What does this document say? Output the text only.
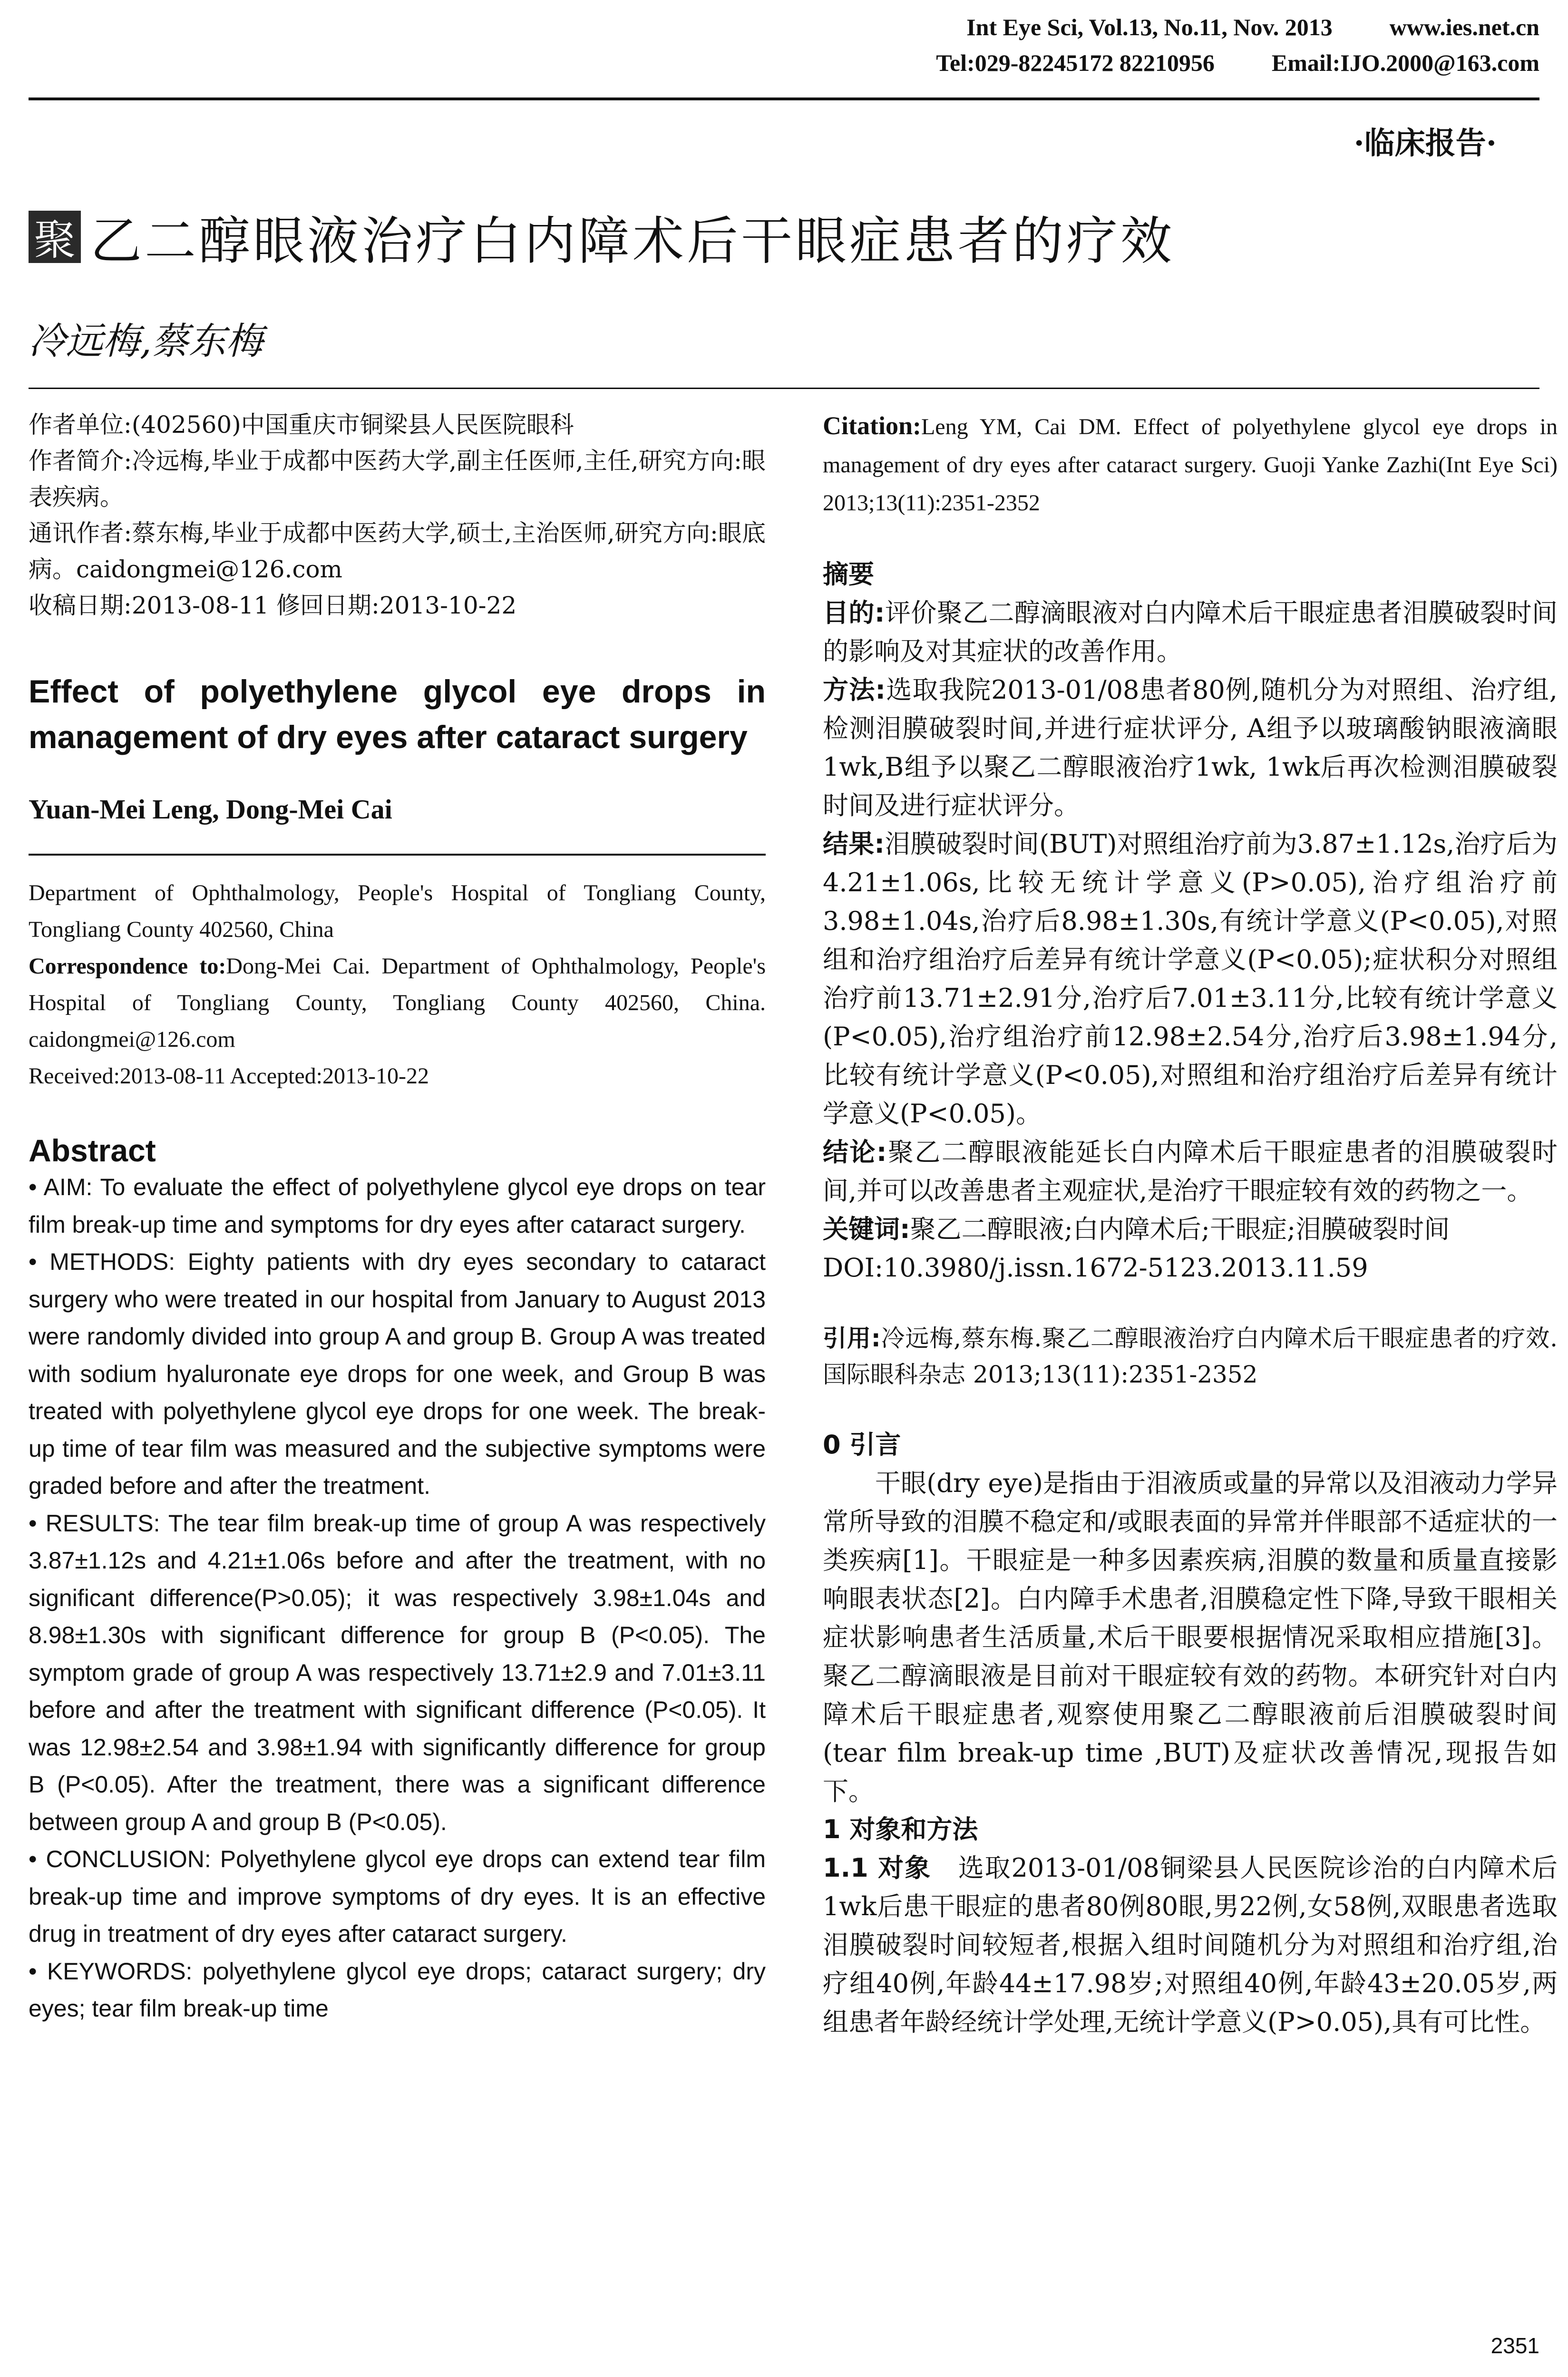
Int Eye Sci, Vol.13, No.11, Nov. 2013 www.ies.net.cn
Tel:029-82245172 82210956 Email:IJO.2000@163.com
·临床报告·
聚 乙二醇眼液治疗白内障术后干眼症患者的疗效
冷远梅,蔡东梅

作者单位:(402560)中国重庆市铜梁县人民医院眼科

作者简介:冷远梅,毕业于成都中医药大学,副主任医师,主任,研究方向:眼表疾病。

通讯作者:蔡东梅,毕业于成都中医药大学,硕士,主治医师,研究方向:眼底病。caidongmei@126.com

收稿日期:2013-08-11 修回日期:2013-10-22

Effect of polyethylene glycol eye drops in management of dry eyes after cataract surgery
Yuan-Mei Leng, Dong-Mei Cai

Department of Ophthalmology, People's Hospital of Tongliang County, Tongliang County 402560, China

Correspondence to:Dong-Mei Cai. Department of Ophthalmology, People's Hospital of Tongliang County, Tongliang County 402560, China. caidongmei@126.com

Received:2013-08-11 Accepted:2013-10-22

Abstract

• AIM: To evaluate the effect of polyethylene glycol eye drops on tear film break-up time and symptoms for dry eyes after cataract surgery.

• METHODS: Eighty patients with dry eyes secondary to cataract surgery who were treated in our hospital from January to August 2013 were randomly divided into group A and group B. Group A was treated with sodium hyaluronate eye drops for one week, and Group B was treated with polyethylene glycol eye drops for one week. The break-up time of tear film was measured and the subjective symptoms were graded before and after the treatment.

• RESULTS: The tear film break-up time of group A was respectively 3.87±1.12s and 4.21±1.06s before and after the treatment, with no significant difference(P>0.05); it was respectively 3.98±1.04s and 8.98±1.30s with significant difference for group B (P<0.05). The symptom grade of group A was respectively 13.71±2.9 and 7.01±3.11 before and after the treatment with significant difference (P<0.05). It was 12.98±2.54 and 3.98±1.94 with significantly difference for group B (P<0.05). After the treatment, there was a significant difference between group A and group B (P<0.05).

• CONCLUSION: Polyethylene glycol eye drops can extend tear film break-up time and improve symptoms of dry eyes. It is an effective drug in treatment of dry eyes after cataract surgery.

• KEYWORDS: polyethylene glycol eye drops; cataract surgery; dry eyes; tear film break-up time

Citation:Leng YM, Cai DM. Effect of polyethylene glycol eye drops in management of dry eyes after cataract surgery. Guoji Yanke Zazhi(Int Eye Sci) 2013;13(11):2351-2352
摘要

目的:评价聚乙二醇滴眼液对白内障术后干眼症患者泪膜破裂时间的影响及对其症状的改善作用。

方法:选取我院2013-01/08患者80例,随机分为对照组、治疗组,检测泪膜破裂时间,并进行症状评分, A组予以玻璃酸钠眼液滴眼1wk,B组予以聚乙二醇眼液治疗1wk, 1wk后再次检测泪膜破裂时间及进行症状评分。

结果:泪膜破裂时间(BUT)对照组治疗前为3.87±1.12s,治疗后为4.21±1.06s,比较无统计学意义(P>0.05),治疗组治疗前3.98±1.04s,治疗后8.98±1.30s,有统计学意义(P<0.05),对照组和治疗组治疗后差异有统计学意义(P<0.05);症状积分对照组治疗前13.71±2.91分,治疗后7.01±3.11分,比较有统计学意义(P<0.05),治疗组治疗前12.98±2.54分,治疗后3.98±1.94分,比较有统计学意义(P<0.05),对照组和治疗组治疗后差异有统计学意义(P<0.05)。

结论:聚乙二醇眼液能延长白内障术后干眼症患者的泪膜破裂时间,并可以改善患者主观症状,是治疗干眼症较有效的药物之一。

关键词:聚乙二醇眼液;白内障术后;干眼症;泪膜破裂时间

DOI:10.3980/j.issn.1672-5123.2013.11.59

引用:冷远梅,蔡东梅.聚乙二醇眼液治疗白内障术后干眼症患者的疗效.国际眼科杂志 2013;13(11):2351-2352
0 引言

干眼(dry eye)是指由于泪液质或量的异常以及泪液动力学异常所导致的泪膜不稳定和/或眼表面的异常并伴眼部不适症状的一类疾病[1]。干眼症是一种多因素疾病,泪膜的数量和质量直接影响眼表状态[2]。白内障手术患者,泪膜稳定性下降,导致干眼相关症状影响患者生活质量,术后干眼要根据情况采取相应措施[3]。聚乙二醇滴眼液是目前对干眼症较有效的药物。本研究针对白内障术后干眼症患者,观察使用聚乙二醇眼液前后泪膜破裂时间(tear film break-up time ,BUT)及症状改善情况,现报告如下。

1 对象和方法

1.1 对象 选取2013-01/08铜梁县人民医院诊治的白内障术后1wk后患干眼症的患者80例80眼,男22例,女58例,双眼患者选取泪膜破裂时间较短者,根据入组时间随机分为对照组和治疗组,治疗组40例,年龄44±17.98岁;对照组40例,年龄43±20.05岁,两组患者年龄经统计学处理,无统计学意义(P>0.05),具有可比性。

2351
